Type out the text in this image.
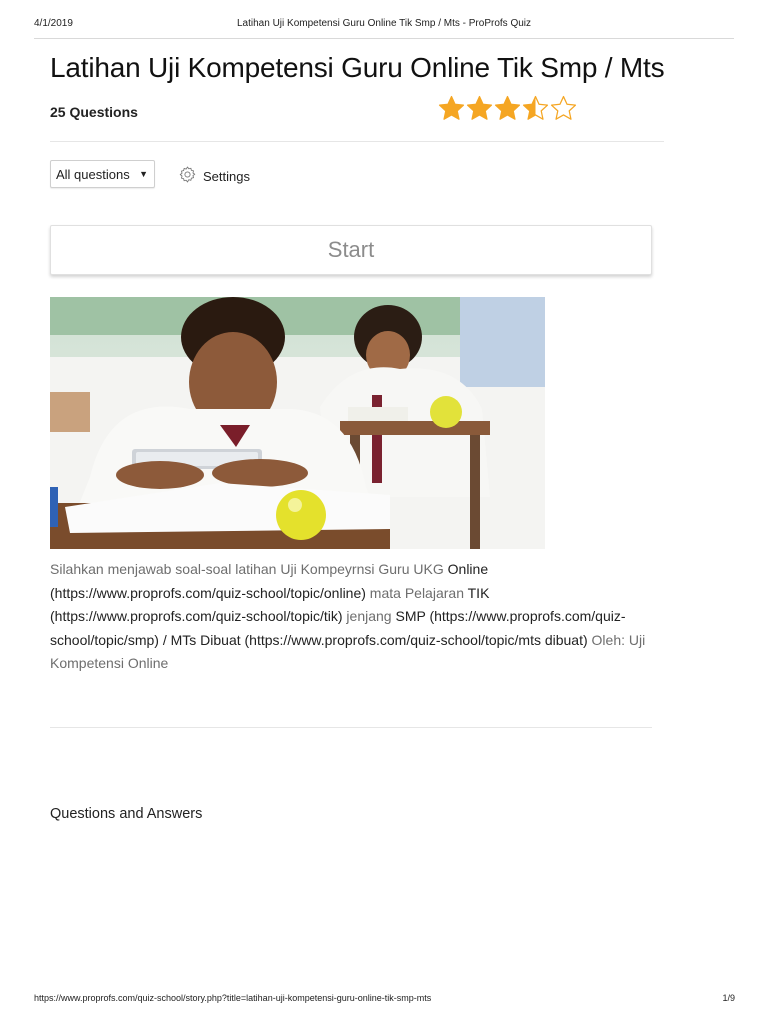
4/1/2019	Latihan Uji Kompetensi Guru Online Tik Smp / Mts - ProProfs Quiz
Latihan Uji Kompetensi Guru Online Tik Smp / Mts
25 Questions
All questions	▼	Settings
Start
Silahkan menjawab soal-soal latihan Uji Kompeyrnsi Guru UKG Online (https://www.proprofs.com/quiz-school/topic/online) mata Pelajaran TIK (https://www.proprofs.com/quiz-school/topic/tik) jenjang SMP (https://www.proprofs.com/quiz-school/topic/smp) / MTs Dibuat (https://www.proprofs.com/quiz-school/topic/mts dibuat) Oleh: Uji Kompetensi Online
Questions and Answers
https://www.proprofs.com/quiz-school/story.php?title=latihan-uji-kompetensi-guru-online-tik-smp-mts	1/9
